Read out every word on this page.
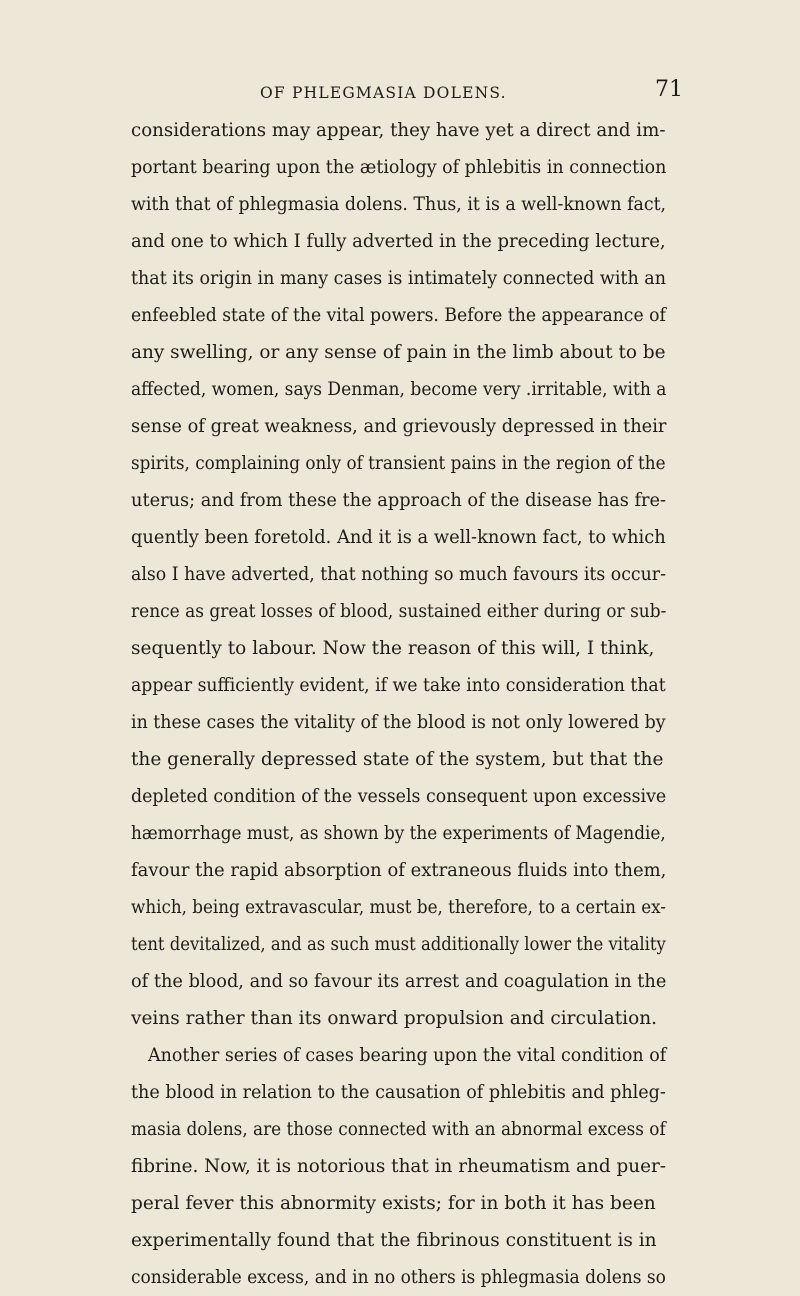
OF PHLEGMASIA DOLENS.	71
considerations may appear, they have yet a direct and im-
portant bearing upon the ætiology of phlebitis in connection
with that of phlegmasia dolens. Thus, it is a well-known fact,
and one to which I fully adverted in the preceding lecture,
that its origin in many cases is intimately connected with an
enfeebled state of the vital powers. Before the appearance of
any swelling, or any sense of pain in the limb about to be
affected, women, says Denman, become very .irritable, with a
sense of great weakness, and grievously depressed in their
spirits, complaining only of transient pains in the region of the
uterus; and from these the approach of the disease has fre-
quently been foretold. And it is a well-known fact, to which
also I have adverted, that nothing so much favours its occur-
rence as great losses of blood, sustained either during or sub-
sequently to labour. Now the reason of this will, I think,
appear sufficiently evident, if we take into consideration that
in these cases the vitality of the blood is not only lowered by
the generally depressed state of the system, but that the
depleted condition of the vessels consequent upon excessive
hæmorrhage must, as shown by the experiments of Magendie,
favour the rapid absorption of extraneous fluids into them,
which, being extravascular, must be, therefore, to a certain ex-
tent devitalized, and as such must additionally lower the vitality
of the blood, and so favour its arrest and coagulation in the
veins rather than its onward propulsion and circulation.
Another series of cases bearing upon the vital condition of
the blood in relation to the causation of phlebitis and phleg-
masia dolens, are those connected with an abnormal excess of
fibrine. Now, it is notorious that in rheumatism and puer-
peral fever this abnormity exists; for in both it has been
experimentally found that the fibrinous constituent is in
considerable excess, and in no others is phlegmasia dolens so
